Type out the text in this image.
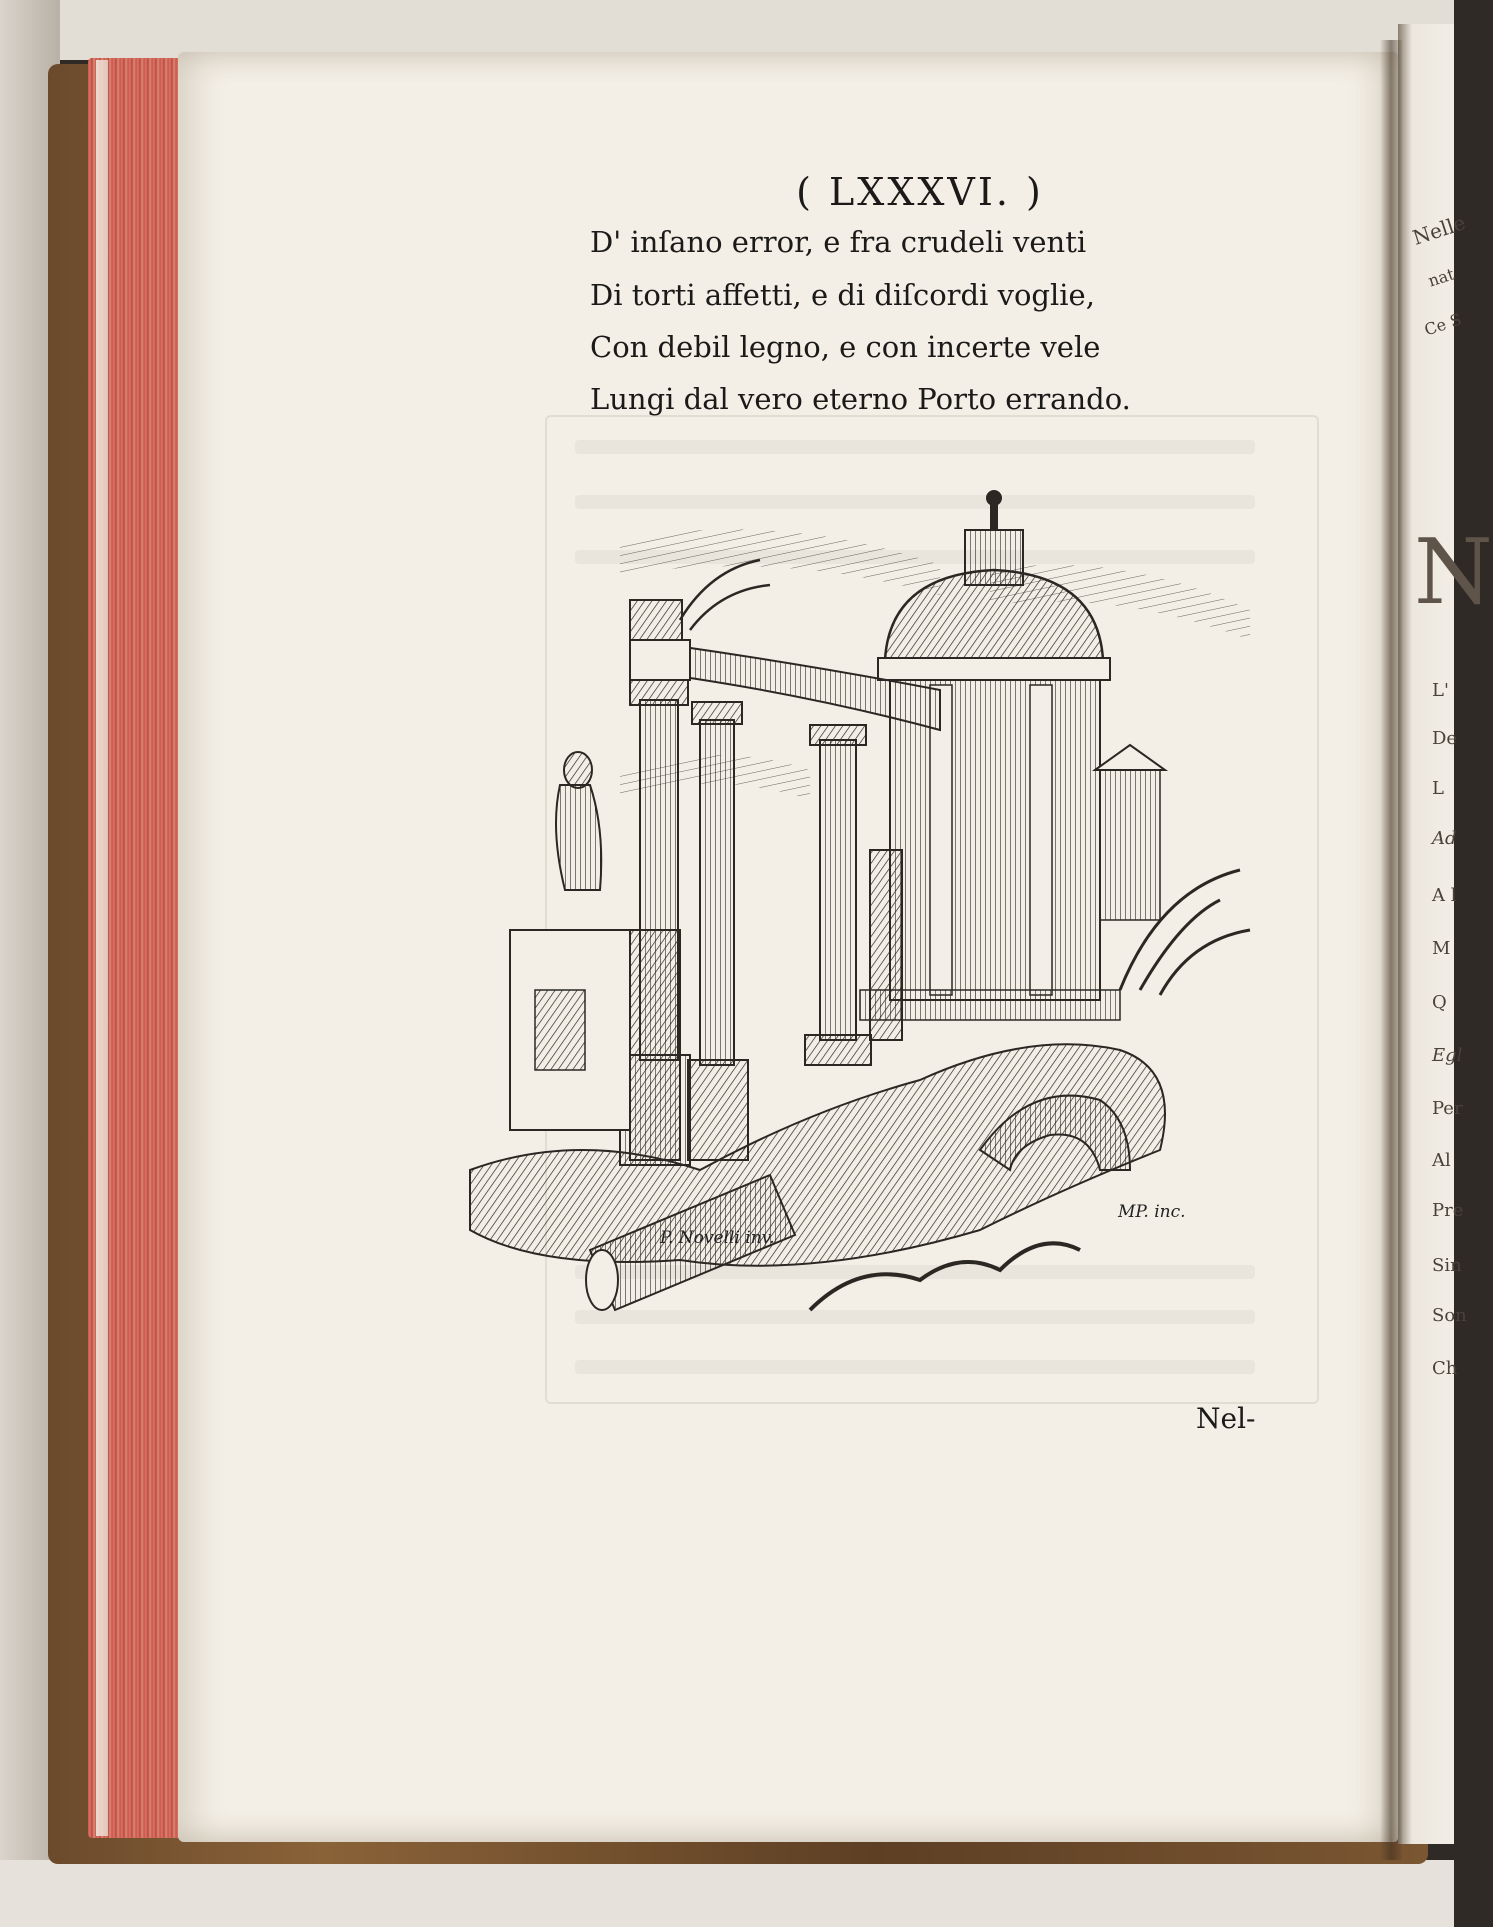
( LXXXVI. )
D' inſano error, e fra crudeli venti
Di torti affetti, e di diſcordi voglie,
Con debil legno, e con incerte vele
Lungi dal vero eterno Porto errando.
P. Novelli inv.
MP. inc.
Nel-
Nelle
nat
Ce S
N
L'
De
L
Ad
A l
M
Q
Egl
Per
Al
Pre
Sin
Son
Ch
